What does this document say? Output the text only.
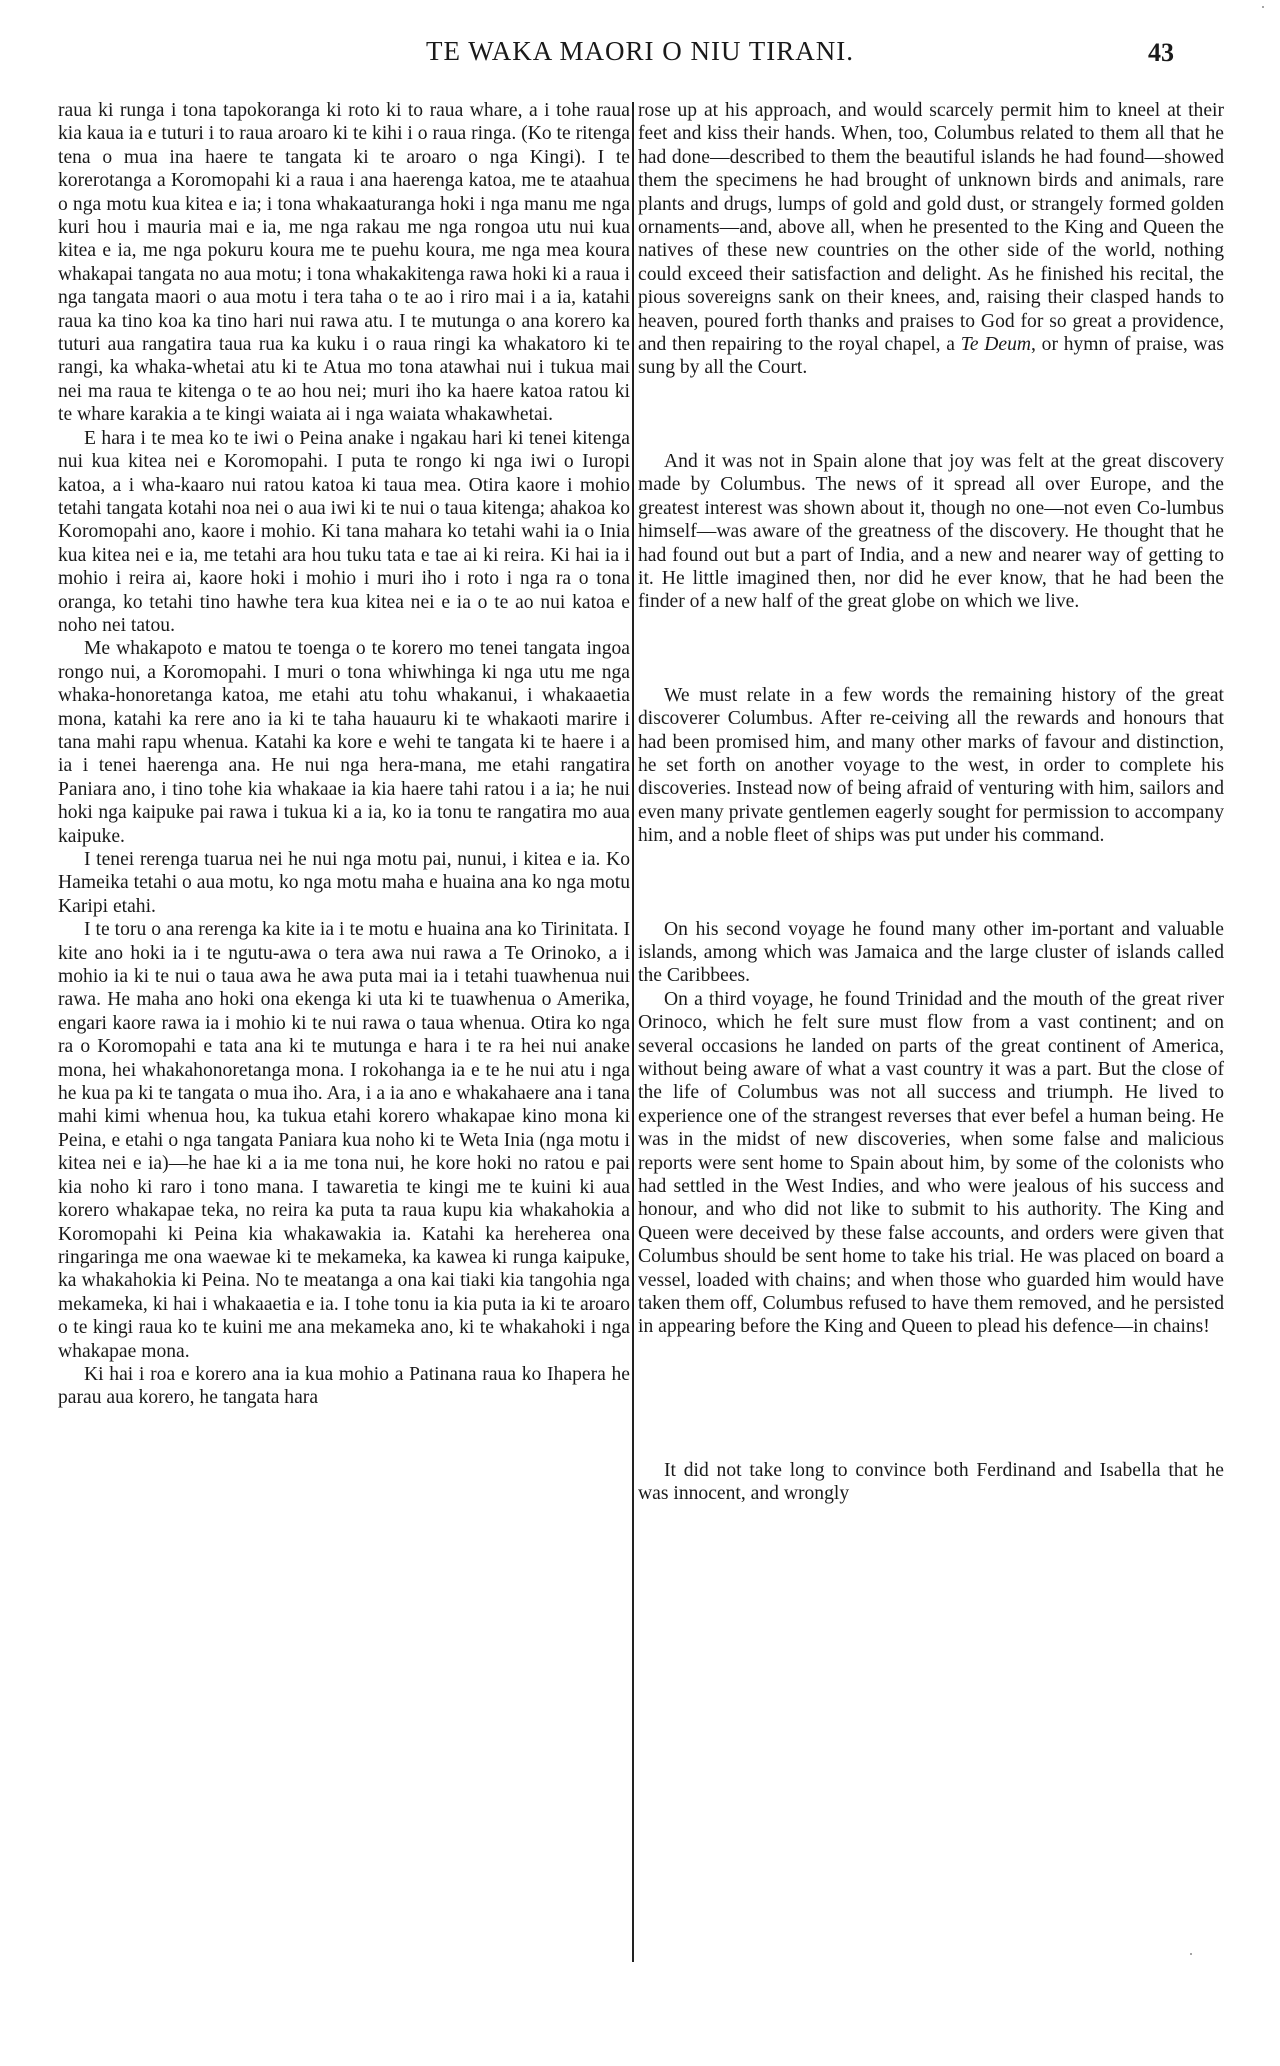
TE WAKA MAORI O NIU TIRANI.	43

raua ki runga i tona tapokoranga ki roto ki to raua whare, a i tohe raua kia kaua ia e tuturi i to raua aroaro ki te kihi i o raua ringa. (Ko te ritenga tena o mua ina haere te tangata ki te aroaro o nga Kingi). I te korerotanga a Koromopahi ki a raua i ana haerenga katoa, me te ataahua o nga motu kua kitea e ia; i tona whakaaturanga hoki i nga manu me nga kuri hou i mauria mai e ia, me nga rakau me nga rongoa utu nui kua kitea e ia, me nga pokuru koura me te puehu koura, me nga mea koura whakapai tangata no aua motu; i tona whakakitenga rawa hoki ki a raua i nga tangata maori o aua motu i tera taha o te ao i riro mai i a ia, katahi raua ka tino koa ka tino hari nui rawa atu. I te mutunga o ana korero ka tuturi aua rangatira taua rua ka kuku i o raua ringi ka whakatoro ki te rangi, ka whaka-whetai atu ki te Atua mo tona atawhai nui i tukua mai nei ma raua te kitenga o te ao hou nei; muri iho ka haere katoa ratou ki te whare karakia a te kingi waiata ai i nga waiata whakawhetai.

E hara i te mea ko te iwi o Peina anake i ngakau hari ki tenei kitenga nui kua kitea nei e Koromopahi. I puta te rongo ki nga iwi o Iuropi katoa, a i wha-kaaro nui ratou katoa ki taua mea. Otira kaore i mohio tetahi tangata kotahi noa nei o aua iwi ki te nui o taua kitenga; ahakoa ko Koromopahi ano, kaore i mohio. Ki tana mahara ko tetahi wahi ia o Inia kua kitea nei e ia, me tetahi ara hou tuku tata e tae ai ki reira. Ki hai ia i mohio i reira ai, kaore hoki i mohio i muri iho i roto i nga ra o tona oranga, ko tetahi tino hawhe tera kua kitea nei e ia o te ao nui katoa e noho nei tatou.

Me whakapoto e matou te toenga o te korero mo tenei tangata ingoa rongo nui, a Koromopahi. I muri o tona whiwhinga ki nga utu me nga whaka-honoretanga katoa, me etahi atu tohu whakanui, i whakaaetia mona, katahi ka rere ano ia ki te taha hauauru ki te whakaoti marire i tana mahi rapu whenua. Katahi ka kore e wehi te tangata ki te haere i a ia i tenei haerenga ana. He nui nga hera-mana, me etahi rangatira Paniara ano, i tino tohe kia whakaae ia kia haere tahi ratou i a ia; he nui hoki nga kaipuke pai rawa i tukua ki a ia, ko ia tonu te rangatira mo aua kaipuke.

I tenei rerenga tuarua nei he nui nga motu pai, nunui, i kitea e ia. Ko Hameika tetahi o aua motu, ko nga motu maha e huaina ana ko nga motu Karipi etahi.

I te toru o ana rerenga ka kite ia i te motu e huaina ana ko Tirinitata. I kite ano hoki ia i te ngutu-awa o tera awa nui rawa a Te Orinoko, a i mohio ia ki te nui o taua awa he awa puta mai ia i tetahi tuawhenua nui rawa. He maha ano hoki ona ekenga ki uta ki te tuawhenua o Amerika, engari kaore rawa ia i mohio ki te nui rawa o taua whenua. Otira ko nga ra o Koromopahi e tata ana ki te mutunga e hara i te ra hei nui anake mona, hei whakahonoretanga mona. I rokohanga ia e te he nui atu i nga he kua pa ki te tangata o mua iho. Ara, i a ia ano e whakahaere ana i tana mahi kimi whenua hou, ka tukua etahi korero whakapae kino mona ki Peina, e etahi o nga tangata Paniara kua noho ki te Weta Inia (nga motu i kitea nei e ia)—he hae ki a ia me tona nui, he kore hoki no ratou e pai kia noho ki raro i tono mana. I tawaretia te kingi me te kuini ki aua korero whakapae teka, no reira ka puta ta raua kupu kia whakahokia a Koromopahi ki Peina kia whakawakia ia. Katahi ka hereherea ona ringaringa me ona waewae ki te mekameka, ka kawea ki runga kaipuke, ka whakahokia ki Peina. No te meatanga a ona kai tiaki kia tangohia nga mekameka, ki hai i whakaaetia e ia. I tohe tonu ia kia puta ia ki te aroaro o te kingi raua ko te kuini me ana mekameka ano, ki te whakahoki i nga whakapae mona.

Ki hai i roa e korero ana ia kua mohio a Patinana raua ko Ihapera he parau aua korero, he tangata hara

rose up at his approach, and would scarcely permit him to kneel at their feet and kiss their hands. When, too, Columbus related to them all that he had done—described to them the beautiful islands he had found—showed them the specimens he had brought of unknown birds and animals, rare plants and drugs, lumps of gold and gold dust, or strangely formed golden ornaments—and, above all, when he presented to the King and Queen the natives of these new countries on the other side of the world, nothing could exceed their satisfaction and delight. As he finished his recital, the pious sovereigns sank on their knees, and, raising their clasped hands to heaven, poured forth thanks and praises to God for so great a providence, and then repairing to the royal chapel, a Te Deum, or hymn of praise, was sung by all the Court.

And it was not in Spain alone that joy was felt at the great discovery made by Columbus. The news of it spread all over Europe, and the greatest interest was shown about it, though no one—not even Co-lumbus himself—was aware of the greatness of the discovery. He thought that he had found out but a part of India, and a new and nearer way of getting to it. He little imagined then, nor did he ever know, that he had been the finder of a new half of the great globe on which we live.

We must relate in a few words the remaining history of the great discoverer Columbus. After re-ceiving all the rewards and honours that had been promised him, and many other marks of favour and distinction, he set forth on another voyage to the west, in order to complete his discoveries. Instead now of being afraid of venturing with him, sailors and even many private gentlemen eagerly sought for permission to accompany him, and a noble fleet of ships was put under his command.

On his second voyage he found many other im-portant and valuable islands, among which was Jamaica and the large cluster of islands called the Caribbees.

On a third voyage, he found Trinidad and the mouth of the great river Orinoco, which he felt sure must flow from a vast continent; and on several occasions he landed on parts of the great continent of America, without being aware of what a vast country it was a part. But the close of the life of Columbus was not all success and triumph. He lived to experience one of the strangest reverses that ever befel a human being. He was in the midst of new discoveries, when some false and malicious reports were sent home to Spain about him, by some of the colonists who had settled in the West Indies, and who were jealous of his success and honour, and who did not like to submit to his authority. The King and Queen were deceived by these false accounts, and orders were given that Columbus should be sent home to take his trial. He was placed on board a vessel, loaded with chains; and when those who guarded him would have taken them off, Columbus refused to have them removed, and he persisted in appearing before the King and Queen to plead his defence—in chains!

It did not take long to convince both Ferdinand and Isabella that he was innocent, and wrongly
